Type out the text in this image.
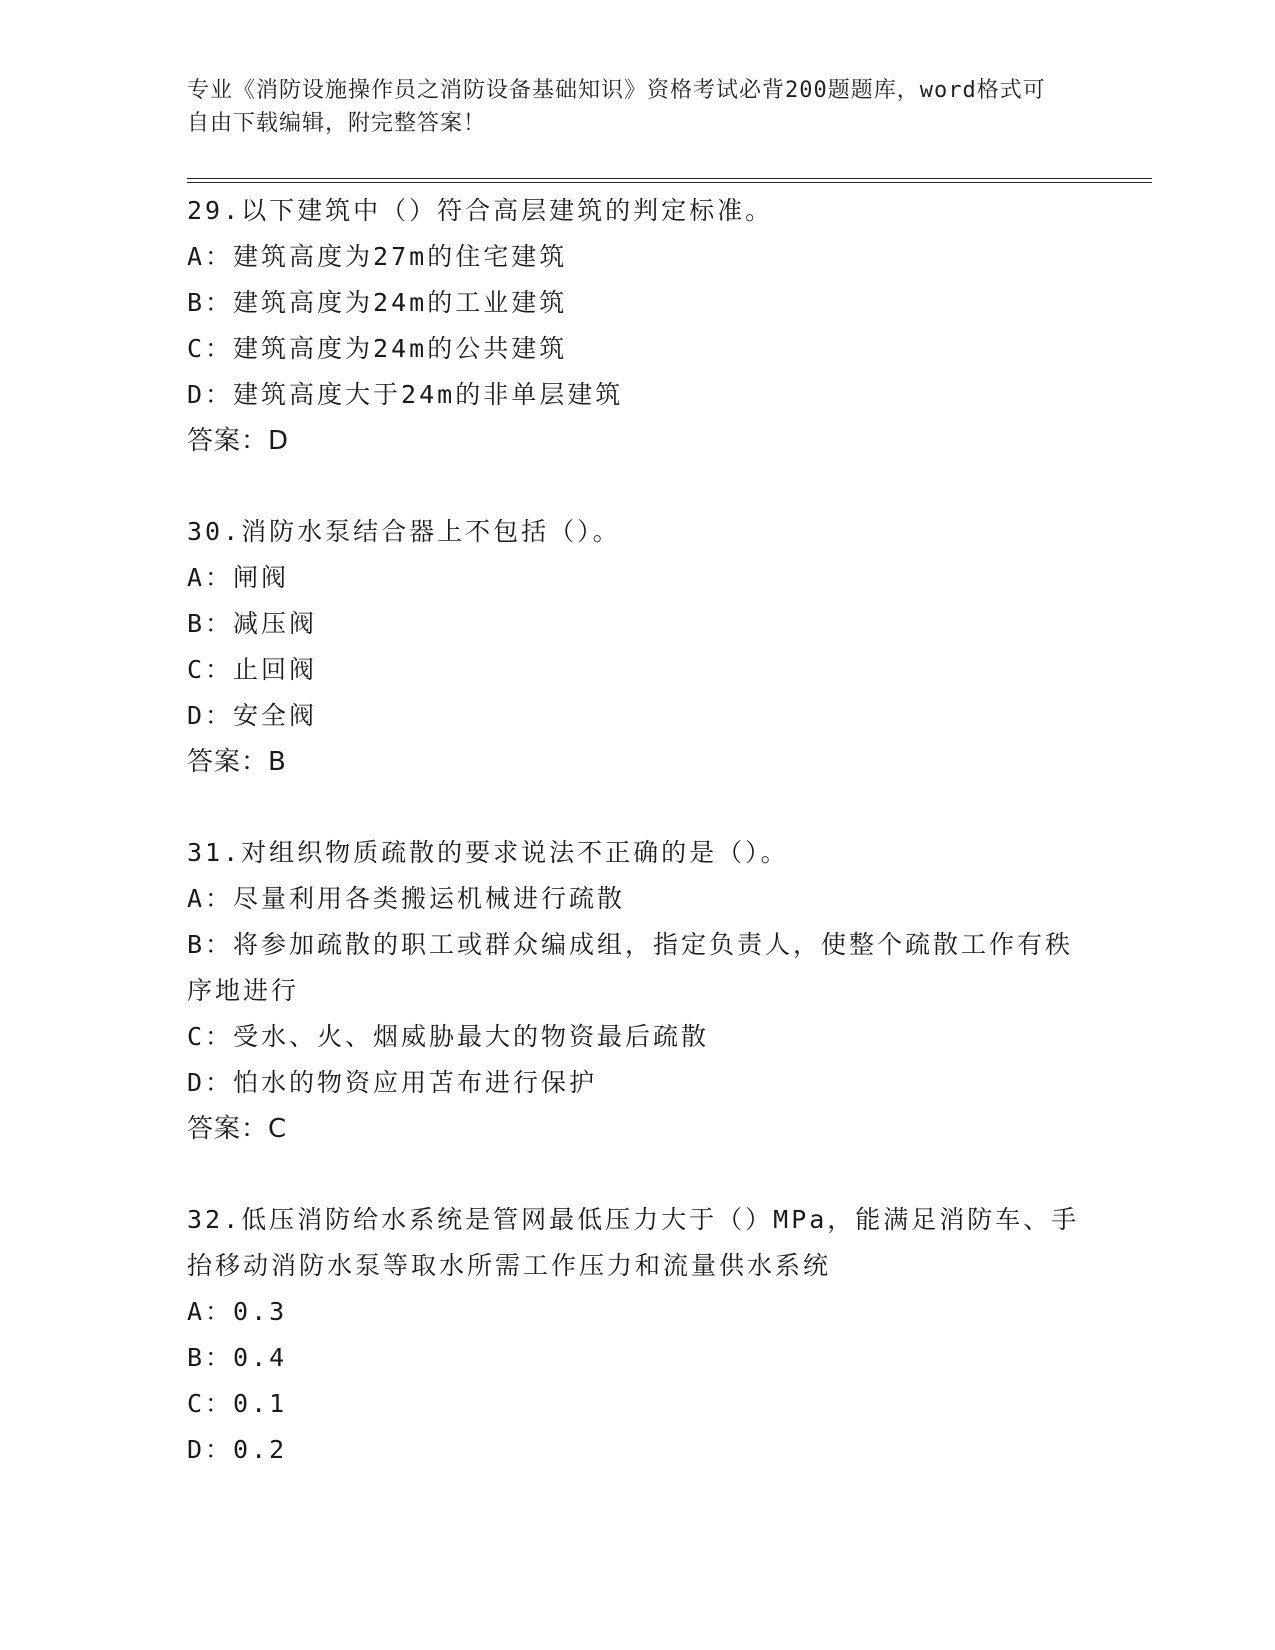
专业《消防设施操作员之消防设备基础知识》资格考试必背200题题库，word格式可自由下载编辑，附完整答案！
29.以下建筑中（）符合高层建筑的判定标准。
A：建筑高度为27m的住宅建筑
B：建筑高度为24m的工业建筑
C：建筑高度为24m的公共建筑
D：建筑高度大于24m的非单层建筑
答案：D
30.消防水泵结合器上不包括（）。
A：闸阀
B：减压阀
C：止回阀
D：安全阀
答案：B
31.对组织物质疏散的要求说法不正确的是（）。
A：尽量利用各类搬运机械进行疏散
B：将参加疏散的职工或群众编成组，指定负责人，使整个疏散工作有秩序地进行
C：受水、火、烟威胁最大的物资最后疏散
D：怕水的物资应用苫布进行保护
答案：C
32.低压消防给水系统是管网最低压力大于（）MPa，能满足消防车、手抬移动消防水泵等取水所需工作压力和流量供水系统
A：0.3
B：0.4
C：0.1
D：0.2
